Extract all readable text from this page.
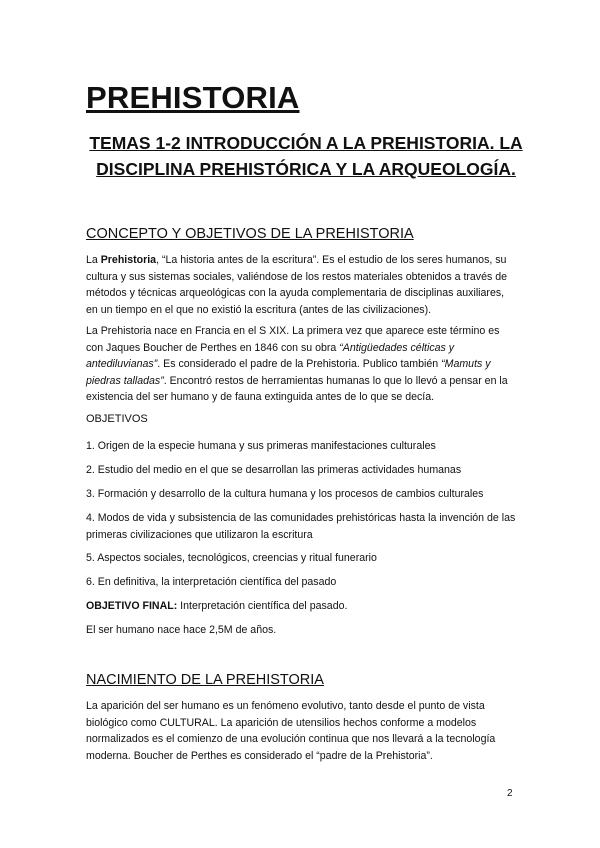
PREHISTORIA
TEMAS 1-2 INTRODUCCIÓN A LA PREHISTORIA. LA DISCIPLINA PREHISTÓRICA Y LA ARQUEOLOGÍA.
CONCEPTO Y OBJETIVOS DE LA PREHISTORIA

La Prehistoria, “La historia antes de la escritura”. Es el estudio de los seres humanos, su cultura y sus sistemas sociales, valiéndose de los restos materiales obtenidos a través de métodos y técnicas arqueológicas con la ayuda complementaria de disciplinas auxiliares, en un tiempo en el que no existió la escritura (antes de las civilizaciones).

La Prehistoria nace en Francia en el S XIX. La primera vez que aparece este término es con Jaques Boucher de Perthes en 1846 con su obra “Antigüedades célticas y antediluvianas”. Es considerado el padre de la Prehistoria. Publico también “Mamuts y piedras talladas”. Encontró restos de herramientas humanas lo que lo llevó a pensar en la existencia del ser humano y de fauna extinguida antes de lo que se decía.

OBJETIVOS

1. Origen de la especie humana y sus primeras manifestaciones culturales

2. Estudio del medio en el que se desarrollan las primeras actividades humanas

3. Formación y desarrollo de la cultura humana y los procesos de cambios culturales

4. Modos de vida y subsistencia de las comunidades prehistóricas hasta la invención de las primeras civilizaciones que utilizaron la escritura

5. Aspectos sociales, tecnológicos, creencias y ritual funerario

6. En definitiva, la interpretación científica del pasado

OBJETIVO FINAL: Interpretación científica del pasado.

El ser humano nace hace 2,5M de años.

NACIMIENTO DE LA PREHISTORIA

La aparición del ser humano es un fenómeno evolutivo, tanto desde el punto de vista biológico como CULTURAL. La aparición de utensilios hechos conforme a modelos normalizados es el comienzo de una evolución continua que nos llevará a la tecnología moderna. Boucher de Perthes es considerado el “padre de la Prehistoria”.

2
